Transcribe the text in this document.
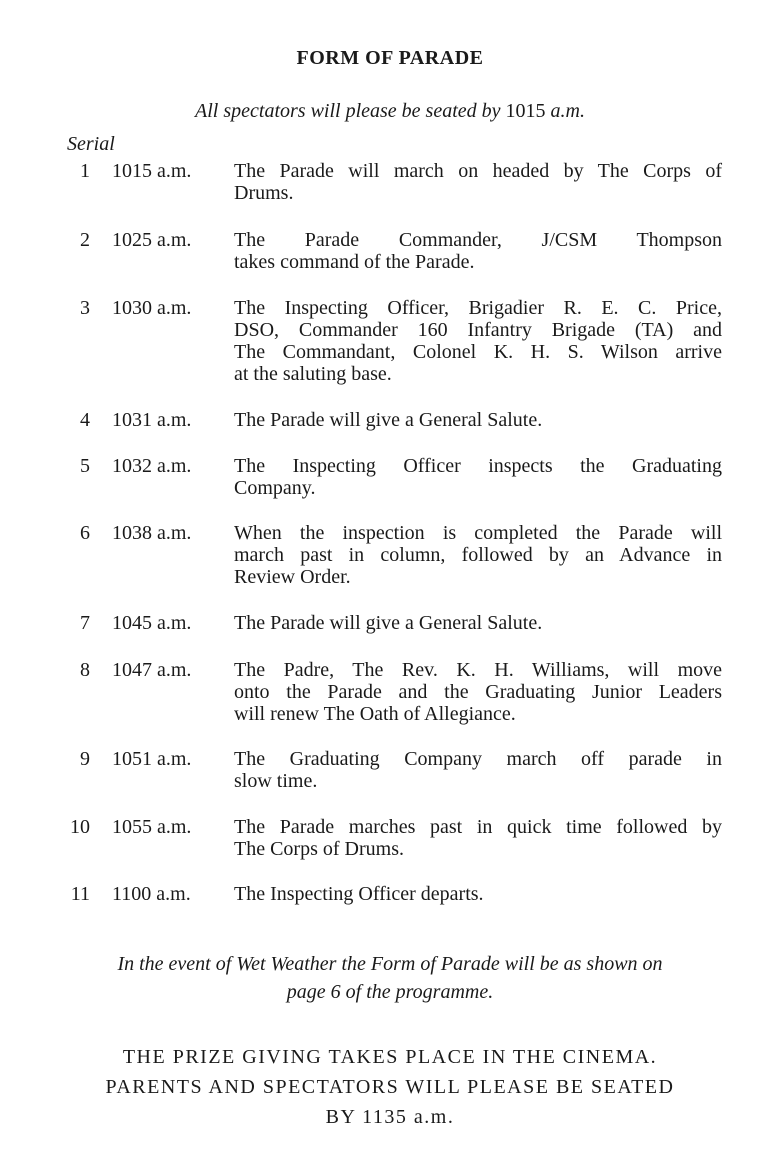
FORM OF PARADE
All spectators will please be seated by 1015 a.m.
Serial
1 1015 a.m. The Parade will march on headed by The Corps of
Drums.
2 1025 a.m. The Parade Commander, J/CSM Thompson
takes command of the Parade.
3 1030 a.m. The Inspecting Officer, Brigadier R. E. C. Price,
DSO, Commander 160 Infantry Brigade (TA) and
The Commandant, Colonel K. H. S. Wilson arrive
at the saluting base.
4 1031 a.m. The Parade will give a General Salute.
5 1032 a.m. The Inspecting Officer inspects the Graduating
Company.
6 1038 a.m. When the inspection is completed the Parade will
march past in column, followed by an Advance in
Review Order.
7 1045 a.m. The Parade will give a General Salute.
8 1047 a.m. The Padre, The Rev. K. H. Williams, will move
onto the Parade and the Graduating Junior Leaders
will renew The Oath of Allegiance.
9 1051 a.m. The Graduating Company march off parade in
slow time.
10 1055 a.m. The Parade marches past in quick time followed by
The Corps of Drums.
11 1100 a.m. The Inspecting Officer departs.
In the event of Wet Weather the Form of Parade will be as shown on
page 6 of the programme.
THE PRIZE GIVING TAKES PLACE IN THE CINEMA.
PARENTS AND SPECTATORS WILL PLEASE BE SEATED
BY 1135 a.m.
